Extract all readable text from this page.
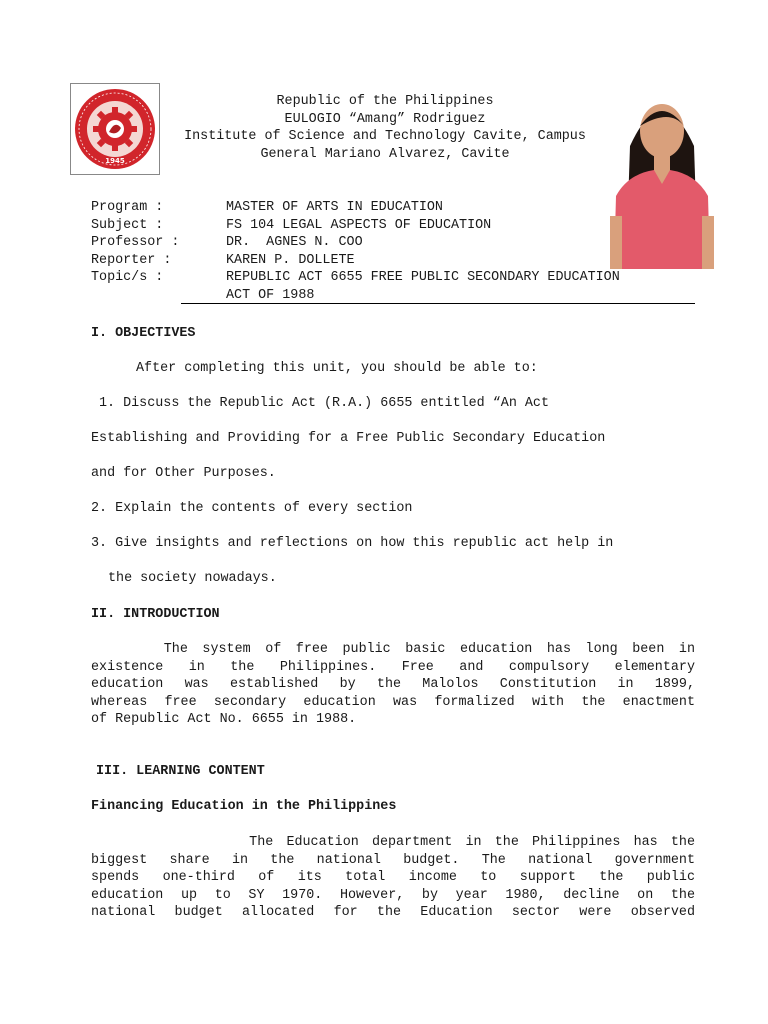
1945
Republic of the Philippines
EULOGIO “Amang” Rodriguez
Institute of Science and Technology Cavite, Campus
General Mariano Alvarez, Cavite
Program :	MASTER OF ARTS IN EDUCATION
Subject :	FS 104 LEGAL ASPECTS OF EDUCATION
Professor :	DR.  AGNES N. COO
Reporter :	KAREN P. DOLLETE
Topic/s :	REPUBLIC ACT 6655 FREE PUBLIC SECONDARY EDUCATION
ACT OF 1988
I. OBJECTIVES
After completing this unit, you should be able to:
1. Discuss the Republic Act (R.A.) 6655 entitled “An Act
Establishing and Providing for a Free Public Secondary Education
and for Other Purposes.
2. Explain the contents of every section
3. Give insights and reflections on how this republic act help in
the society nowadays.
II. INTRODUCTION
The system of free public basic education has long been in
existence in the Philippines. Free and compulsory elementary
education was established by the Malolos Constitution in 1899,
whereas free secondary education was formalized with the enactment
of Republic Act No. 6655 in 1988.
III. LEARNING CONTENT
Financing Education in the Philippines
The Education department in the Philippines has the
biggest share in the national budget. The national government
spends one-third of its total income to support the public
education up to SY 1970. However, by year 1980, decline on the
national budget allocated for the Education sector were observed
